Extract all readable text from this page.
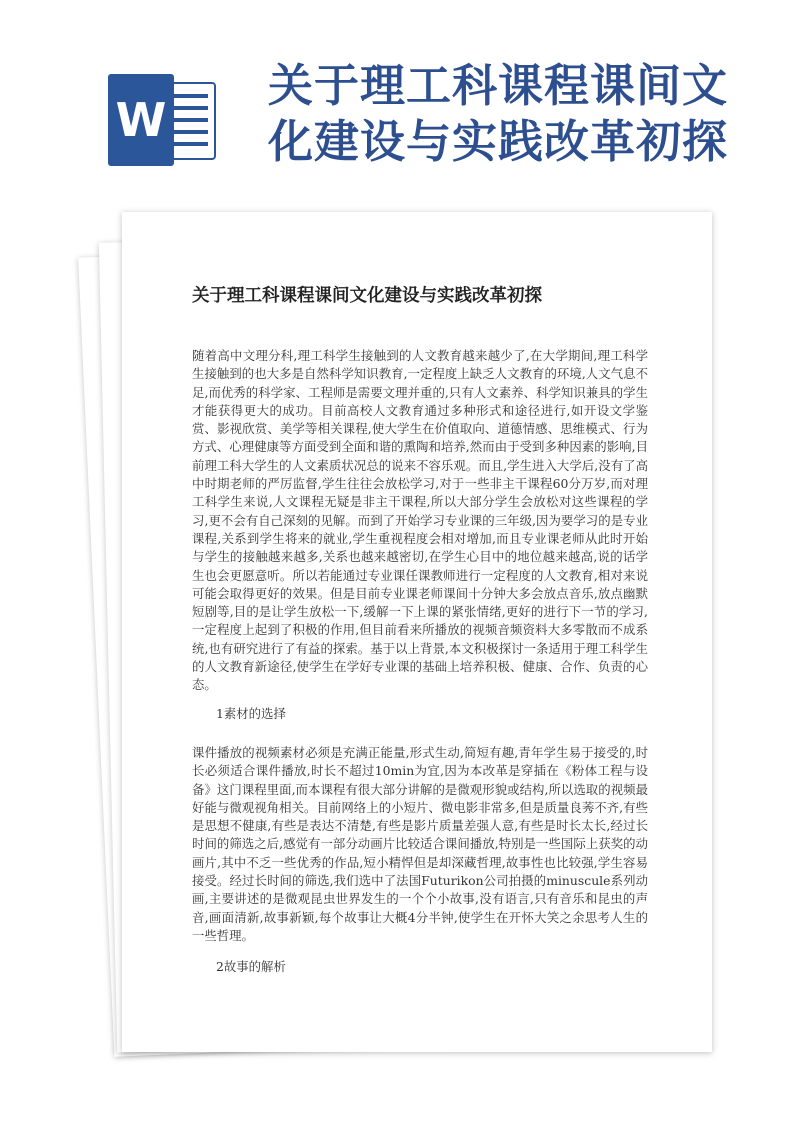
W
关于理工科课程课间文化建设与实践改革初探
关于理工科课程课间文化建设与实践改革初探

随着高中文理分科,理工科学生接触到的人文教育越来越少了,在大学期间,理工科学生接触到的也大多是自然科学知识教育,一定程度上缺乏人文教育的环境,人文气息不足,而优秀的科学家、工程师是需要文理并重的,只有人文素养、科学知识兼具的学生才能获得更大的成功。目前高校人文教育通过多种形式和途径进行,如开设文学鉴赏、影视欣赏、美学等相关课程,使大学生在价值取向、道德情感、思维模式、行为方式、心理健康等方面受到全面和谐的熏陶和培养,然而由于受到多种因素的影响,目前理工科大学生的人文素质状况总的说来不容乐观。而且,学生进入大学后,没有了高中时期老师的严厉监督,学生往往会放松学习,对于一些非主干课程60分万岁,而对理工科学生来说,人文课程无疑是非主干课程,所以大部分学生会放松对这些课程的学习,更不会有自己深刻的见解。而到了开始学习专业课的三年级,因为要学习的是专业课程,关系到学生将来的就业,学生重视程度会相对增加,而且专业课老师从此时开始与学生的接触越来越多,关系也越来越密切,在学生心目中的地位越来越高,说的话学生也会更愿意听。所以若能通过专业课任课教师进行一定程度的人文教育,相对来说可能会取得更好的效果。但是目前专业课老师课间十分钟大多会放点音乐,放点幽默短剧等,目的是让学生放松一下,缓解一下上课的紧张情绪,更好的进行下一节的学习,一定程度上起到了积极的作用,但目前看来所播放的视频音频资料大多零散而不成系统,也有研究进行了有益的探索。基于以上背景,本文积极探讨一条适用于理工科学生的人文教育新途径,使学生在学好专业课的基础上培养积极、健康、合作、负责的心态。

1素材的选择

课件播放的视频素材必须是充满正能量,形式生动,简短有趣,青年学生易于接受的,时长必须适合课件播放,时长不超过10min为宜,因为本改革是穿插在《粉体工程与设备》这门课程里面,而本课程有很大部分讲解的是微观形貌或结构,所以选取的视频最好能与微观视角相关。目前网络上的小短片、微电影非常多,但是质量良莠不齐,有些是思想不健康,有些是表达不清楚,有些是影片质量差强人意,有些是时长太长,经过长时间的筛选之后,感觉有一部分动画片比较适合课间播放,特别是一些国际上获奖的动画片,其中不乏一些优秀的作品,短小精悍但是却深藏哲理,故事性也比较强,学生容易接受。经过长时间的筛选,我们选中了法国Futurikon公司拍摄的minuscule系列动画,主要讲述的是微观昆虫世界发生的一个个小故事,没有语言,只有音乐和昆虫的声音,画面清新,故事新颖,每个故事让大概4分半钟,使学生在开怀大笑之余思考人生的一些哲理。

2故事的解析
